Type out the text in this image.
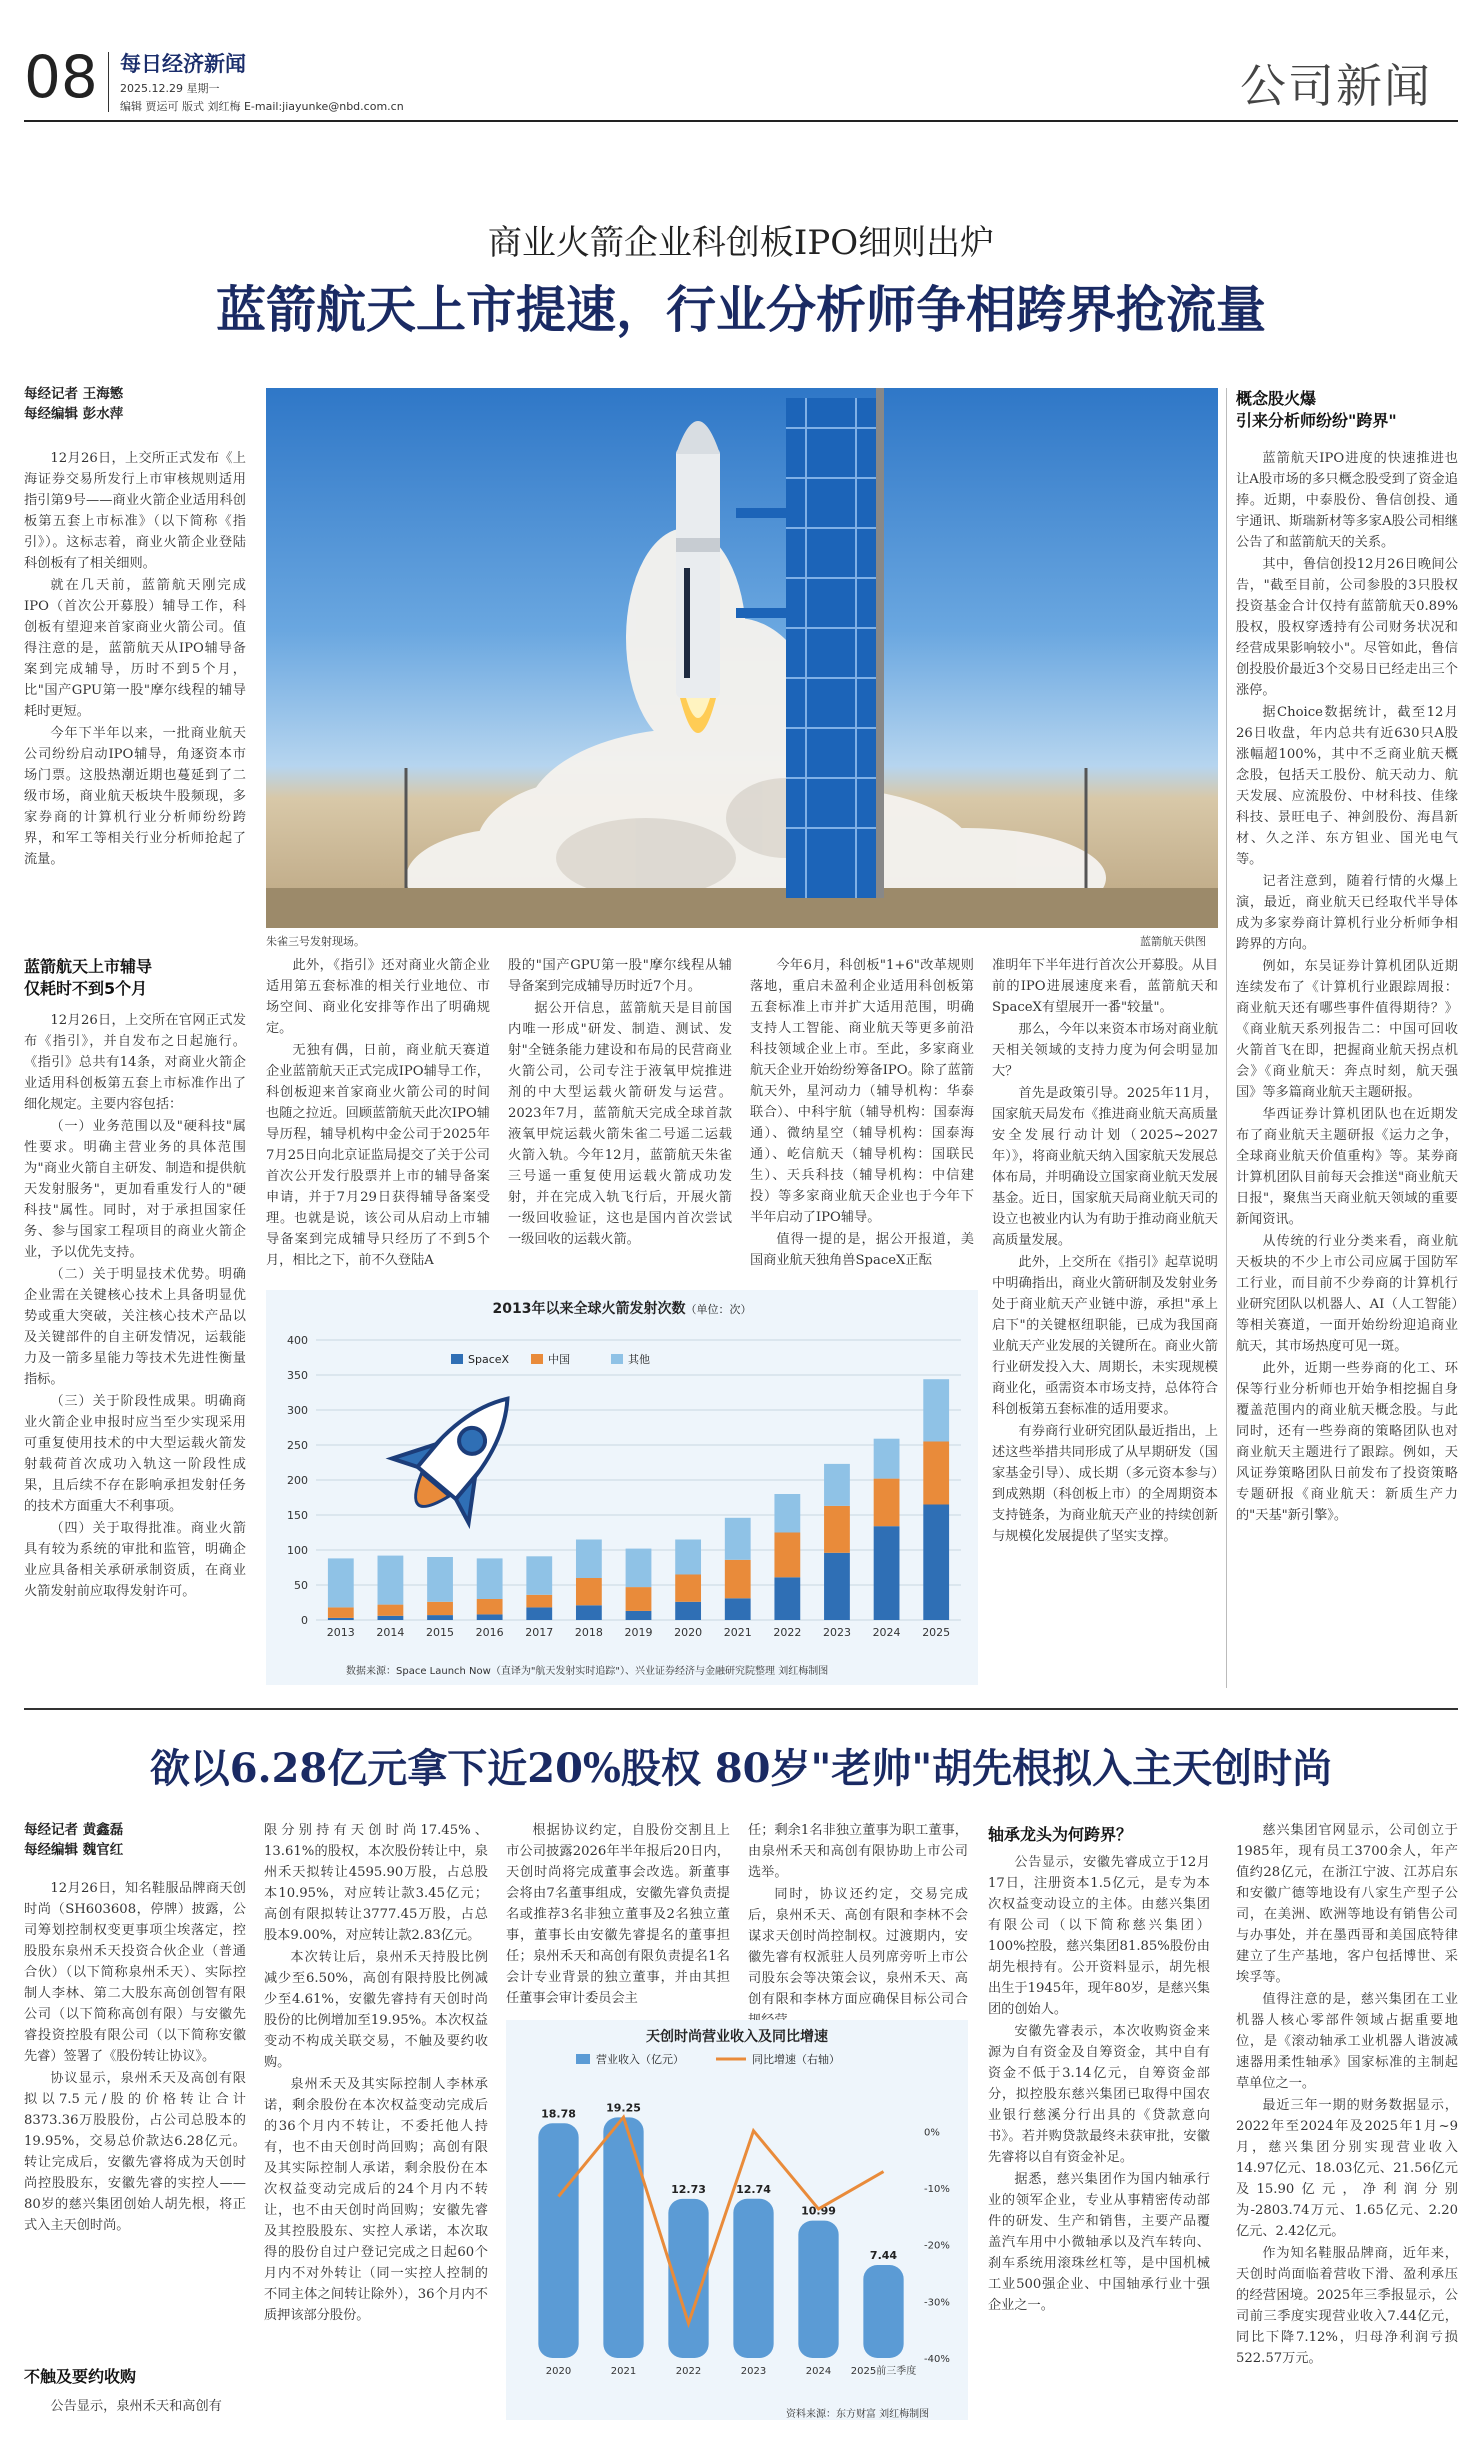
08 每日经济新闻
2025.12.29 星期一
编辑 贾运可 版式 刘红梅 E-mail:jiayunke@nbd.com.cn	公司新闻
商业火箭企业科创板IPO细则出炉
蓝箭航天上市提速，行业分析师争相跨界抢流量
每经记者 王海慜
每经编辑 彭水萍

12月26日，上交所正式发布《上海证券交易所发行上市审核规则适用指引第9号——商业火箭企业适用科创板第五套上市标准》（以下简称《指引》）。这标志着，商业火箭企业登陆科创板有了相关细则。

就在几天前，蓝箭航天刚完成IPO（首次公开募股）辅导工作，科创板有望迎来首家商业火箭公司。值得注意的是，蓝箭航天从IPO辅导备案到完成辅导，历时不到5个月，比"国产GPU第一股"摩尔线程的辅导耗时更短。

今年下半年以来，一批商业航天公司纷纷启动IPO辅导，角逐资本市场门票。这股热潮近期也蔓延到了二级市场，商业航天板块牛股频现，多家券商的计算机行业分析师纷纷跨界，和军工等相关行业分析师抢起了流量。

蓝箭航天上市辅导
仅耗时不到5个月

12月26日，上交所在官网正式发布《指引》，并自发布之日起施行。《指引》总共有14条，对商业火箭企业适用科创板第五套上市标准作出了细化规定。主要内容包括：

（一）业务范围以及"硬科技"属性要求。明确主营业务的具体范围为"商业火箭自主研发、制造和提供航天发射服务"，更加看重发行人的"硬科技"属性。同时，对于承担国家任务、参与国家工程项目的商业火箭企业，予以优先支持。

（二）关于明显技术优势。明确企业需在关键核心技术上具备明显优势或重大突破，关注核心技术产品以及关键部件的自主研发情况，运载能力及一箭多星能力等技术先进性衡量指标。

（三）关于阶段性成果。明确商业火箭企业申报时应当至少实现采用可重复使用技术的中大型运载火箭发射载荷首次成功入轨这一阶段性成果，且后续不存在影响承担发射任务的技术方面重大不利事项。

（四）关于取得批准。商业火箭具有较为系统的审批和监管，明确企业应具备相关承研承制资质，在商业火箭发射前应取得发射许可。

朱雀三号发射现场。	蓝箭航天供图

此外，《指引》还对商业火箭企业适用第五套标准的相关行业地位、市场空间、商业化安排等作出了明确规定。

无独有偶，日前，商业航天赛道企业蓝箭航天正式完成IPO辅导工作，科创板迎来首家商业火箭公司的时间也随之拉近。回顾蓝箭航天此次IPO辅导历程，辅导机构中金公司于2025年7月25日向北京证监局提交了关于公司首次公开发行股票并上市的辅导备案申请，并于7月29日获得辅导备案受理。也就是说，该公司从启动上市辅导备案到完成辅导只经历了不到5个月，相比之下，前不久登陆A

股的"国产GPU第一股"摩尔线程从辅导备案到完成辅导历时近7个月。

据公开信息，蓝箭航天是目前国内唯一形成"研发、制造、测试、发射"全链条能力建设和布局的民营商业火箭公司，公司专注于液氧甲烷推进剂的中大型运载火箭研发与运营。2023年7月，蓝箭航天完成全球首款液氧甲烷运载火箭朱雀二号遥二运载火箭入轨。今年12月，蓝箭航天朱雀三号遥一重复使用运载火箭成功发射，并在完成入轨飞行后，开展火箭一级回收验证，这也是国内首次尝试一级回收的运载火箭。

今年6月，科创板"1+6"改革规则落地，重启未盈利企业适用科创板第五套标准上市并扩大适用范围，明确支持人工智能、商业航天等更多前沿科技领域企业上市。至此，多家商业航天企业开始纷纷筹备IPO。除了蓝箭航天外，星河动力（辅导机构：华泰联合）、中科宇航（辅导机构：国泰海通）、微纳星空（辅导机构：国泰海通）、屹信航天（辅导机构：国联民生）、天兵科技（辅导机构：中信建投）等多家商业航天企业也于今年下半年启动了IPO辅导。

值得一提的是，据公开报道，美国商业航天独角兽SpaceX正酝

准明年下半年进行首次公开募股。从目前的IPO进展速度来看，蓝箭航天和SpaceX有望展开一番"较量"。

那么，今年以来资本市场对商业航天相关领域的支持力度为何会明显加大？

首先是政策引导。2025年11月，国家航天局发布《推进商业航天高质量安全发展行动计划（2025~2027年）》，将商业航天纳入国家航天发展总体布局，并明确设立国家商业航天发展基金。近日，国家航天局商业航天司的设立也被业内认为有助于推动商业航天高质量发展。

此外，上交所在《指引》起草说明中明确指出，商业火箭研制及发射业务处于商业航天产业链中游，承担"承上启下"的关键枢纽职能，已成为我国商业航天产业发展的关键所在。商业火箭行业研发投入大、周期长，未实现规模商业化，亟需资本市场支持，总体符合科创板第五套标准的适用要求。

有券商行业研究团队最近指出，上述这些举措共同形成了从早期研发（国家基金引导）、成长期（多元资本参与）到成熟期（科创板上市）的全周期资本支持链条，为商业航天产业的持续创新与规模化发展提供了坚实支撑。

2013年以来全球火箭发射次数（单位：次）
0
50
100
150
200
250
300
350
400
2013 2014 2015 2016 2017 2018 2019 2020 2021 2022 2023 2024 2025
SpaceX	中国	其他
数据来源：Space Launch Now（直译为"航天发射实时追踪"）、兴业证券经济与金融研究院整理 刘红梅制图
概念股火爆
引来分析师纷纷"跨界"

蓝箭航天IPO进度的快速推进也让A股市场的多只概念股受到了资金追捧。近期，中泰股份、鲁信创投、通宇通讯、斯瑞新材等多家A股公司相继公告了和蓝箭航天的关系。

其中，鲁信创投12月26日晚间公告，"截至目前，公司参股的3只股权投资基金合计仅持有蓝箭航天0.89%股权，股权穿透持有公司财务状况和经营成果影响较小"。尽管如此，鲁信创投股价最近3个交易日已经走出三个涨停。

据Choice数据统计，截至12月26日收盘，年内总共有近630只A股涨幅超100%，其中不乏商业航天概念股，包括天工股份、航天动力、航天发展、应流股份、中材科技、佳缘科技、景旺电子、神剑股份、海昌新材、久之洋、东方钽业、国光电气等。

记者注意到，随着行情的火爆上演，最近，商业航天已经取代半导体成为多家券商计算机行业分析师争相跨界的方向。

例如，东吴证券计算机团队近期连续发布了《计算机行业跟踪周报：商业航天还有哪些事件值得期待？》《商业航天系列报告二：中国可回收火箭首飞在即，把握商业航天拐点机会》《商业航天：奔点时刻，航天强国》等多篇商业航天主题研报。

华西证券计算机团队也在近期发布了商业航天主题研报《运力之争，全球商业航天价值重构》等。某券商计算机团队目前每天会推送"商业航天日报"，聚焦当天商业航天领域的重要新闻资讯。

从传统的行业分类来看，商业航天板块的不少上市公司应属于国防军工行业，而目前不少券商的计算机行业研究团队以机器人、AI（人工智能）等相关赛道，一面开始纷纷迎追商业航天，其市场热度可见一斑。

此外，近期一些券商的化工、环保等行业分析师也开始争相挖掘自身覆盖范围内的商业航天概念股。与此同时，还有一些券商的策略团队也对商业航天主题进行了跟踪。例如，天风证券策略团队日前发布了投资策略专题研报《商业航天：新质生产力的"天基"新引擎》。

欲以6.28亿元拿下近20%股权 80岁"老帅"胡先根拟入主天创时尚
每经记者 黄鑫磊
每经编辑 魏官红

12月26日，知名鞋服品牌商天创时尚（SH603608，停牌）披露，公司筹划控制权变更事项尘埃落定，控股股东泉州禾天投资合伙企业（普通合伙）（以下简称泉州禾天）、实际控制人李林、第二大股东高创创智有限公司（以下简称高创有限）与安徽先睿投资控股有限公司（以下简称安徽先睿）签署了《股份转让协议》。

协议显示，泉州禾天及高创有限拟以7.5元/股的价格转让合计8373.36万股股份，占公司总股本的19.95%，交易总价款达6.28亿元。转让完成后，安徽先睿将成为天创时尚控股股东，安徽先睿的实控人——80岁的慈兴集团创始人胡先根，将正式入主天创时尚。

不触及要约收购

公告显示，泉州禾天和高创有

限分别持有天创时尚17.45%、13.61%的股权，本次股份转让中，泉州禾天拟转让4595.90万股，占总股本10.95%，对应转让款3.45亿元；高创有限拟转让3777.45万股，占总股本9.00%，对应转让款2.83亿元。

本次转让后，泉州禾天持股比例减少至6.50%，高创有限持股比例减少至4.61%，安徽先睿持有天创时尚股份的比例增加至19.95%。本次权益变动不构成关联交易，不触及要约收购。

泉州禾天及其实际控制人李林承诺，剩余股份在本次权益变动完成后的36个月内不转让，不委托他人持有，也不由天创时尚回购；高创有限及其实际控制人承诺，剩余股份在本次权益变动完成后的24个月内不转让，也不由天创时尚回购；安徽先睿及其控股股东、实控人承诺，本次取得的股份自过户登记完成之日起60个月内不对外转让（同一实控人控制的不同主体之间转让除外），36个月内不质押该部分股份。

根据协议约定，自股份交割且上市公司披露2026年半年报后20日内，天创时尚将完成董事会改选。新董事会将由7名董事组成，安徽先睿负责提名或推荐3名非独立董事及2名独立董事，董事长由安徽先睿提名的董事担任；泉州禾天和高创有限负责提名1名会计专业背景的独立董事，并由其担任董事会审计委员会主

任；剩余1名非独立董事为职工董事，由泉州禾天和高创有限协助上市公司选举。

同时，协议还约定，交易完成后，泉州禾天、高创有限和李林不会谋求天创时尚控制权。过渡期内，安徽先睿有权派驻人员列席旁听上市公司股东会等决策会议，泉州禾天、高创有限和李林方面应确保目标公司合

天创时尚营业收入及同比增速
0%
-10%
-20%
-30%
-40%
18.78
2020
19.25
2021
12.73
2022
12.74
2023
10.99
2024
7.44
2025前三季度
营业收入（亿元）	同比增速（右轴）
资料来源：东方财富 刘红梅制图
轴承龙头为何跨界？

公告显示，安徽先睿成立于12月17日，注册资本1.5亿元，是专为本次权益变动设立的主体。由慈兴集团有限公司（以下简称慈兴集团）100%控股，慈兴集团81.85%股份由胡先根持有。公开资料显示，胡先根出生于1945年，现年80岁，是慈兴集团的创始人。

安徽先睿表示，本次收购资金来源为自有资金及自筹资金，其中自有资金不低于3.14亿元，自筹资金部分，拟控股东慈兴集团已取得中国农业银行慈溪分行出具的《贷款意向书》。若并购贷款最终未获审批，安徽先睿将以自有资金补足。

据悉，慈兴集团作为国内轴承行业的领军企业，专业从事精密传动部件的研发、生产和销售，主要产品覆盖汽车用中小微轴承以及汽车转向、刹车系统用滚珠丝杠等，是中国机械工业500强企业、中国轴承行业十强企业之一。

慈兴集团官网显示，公司创立于1985年，现有员工3700余人，年产值约28亿元，在浙江宁波、江苏启东和安徽广德等地设有八家生产型子公司，在美洲、欧洲等地设有销售公司与办事处，并在墨西哥和美国底特律建立了生产基地，客户包括博世、采埃孚等。

值得注意的是，慈兴集团在工业机器人核心零部件领域占据重要地位，是《滚动轴承工业机器人谐波减速器用柔性轴承》国家标准的主制起草单位之一。

最近三年一期的财务数据显示，2022年至2024年及2025年1月~9月，慈兴集团分别实现营业收入14.97亿元、18.03亿元、21.56亿元及15.90亿元，净利润分别为-2803.74万元、1.65亿元、2.20亿元、2.42亿元。

作为知名鞋服品牌商，近年来，天创时尚面临着营收下滑、盈利承压的经营困境。2025年三季报显示，公司前三季度实现营业收入7.44亿元，同比下降7.12%，归母净利润亏损522.57万元。
